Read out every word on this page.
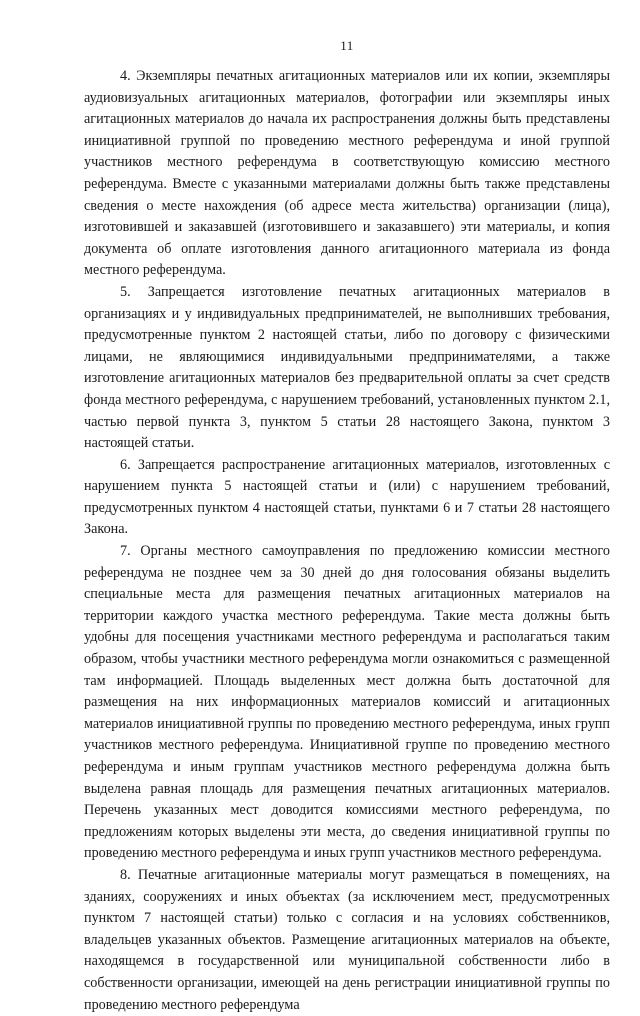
11

4. Экземпляры печатных агитационных материалов или их копии, экземпляры аудиовизуальных агитационных материалов, фотографии или экземпляры иных агитационных материалов до начала их распространения должны быть представлены инициативной группой по проведению местного референдума и иной группой участников местного референдума в соответствующую комиссию местного референдума. Вместе с указанными материалами должны быть также представлены сведения о месте нахождения (об адресе места жительства) организации (лица), изготовившей и заказавшей (изготовившего и заказавшего) эти материалы, и копия документа об оплате изготовления данного агитационного материала из фонда местного референдума.

5. Запрещается изготовление печатных агитационных материалов в организациях и у индивидуальных предпринимателей, не выполнивших требования, предусмотренные пунктом 2 настоящей статьи, либо по договору с физическими лицами, не являющимися индивидуальными предпринимателями, а также изготовление агитационных материалов без предварительной оплаты за счет средств фонда местного референдума, с нарушением требований, установленных пунктом 2.1, частью первой пункта 3, пунктом 5 статьи 28 настоящего Закона, пунктом 3 настоящей статьи.

6. Запрещается распространение агитационных материалов, изготовленных с нарушением пункта 5 настоящей статьи и (или) с нарушением требований, предусмотренных пунктом 4 настоящей статьи, пунктами 6 и 7 статьи 28 настоящего Закона.

7. Органы местного самоуправления по предложению комиссии местного референдума не позднее чем за 30 дней до дня голосования обязаны выделить специальные места для размещения печатных агитационных материалов на территории каждого участка местного референдума. Такие места должны быть удобны для посещения участниками местного референдума и располагаться таким образом, чтобы участники местного референдума могли ознакомиться с размещенной там информацией. Площадь выделенных мест должна быть достаточной для размещения на них информационных материалов комиссий и агитационных материалов инициативной группы по проведению местного референдума, иных групп участников местного референдума. Инициативной группе по проведению местного референдума и иным группам участников местного референдума должна быть выделена равная площадь для размещения печатных агитационных материалов. Перечень указанных мест доводится комиссиями местного референдума, по предложениям которых выделены эти места, до сведения инициативной группы по проведению местного референдума и иных групп участников местного референдума.

8. Печатные агитационные материалы могут размещаться в помещениях, на зданиях, сооружениях и иных объектах (за исключением мест, предусмотренных пунктом 7 настоящей статьи) только с согласия и на условиях собственников, владельцев указанных объектов. Размещение агитационных материалов на объекте, находящемся в государственной или муниципальной собственности либо в собственности организации, имеющей на день регистрации инициативной группы по проведению местного референдума
